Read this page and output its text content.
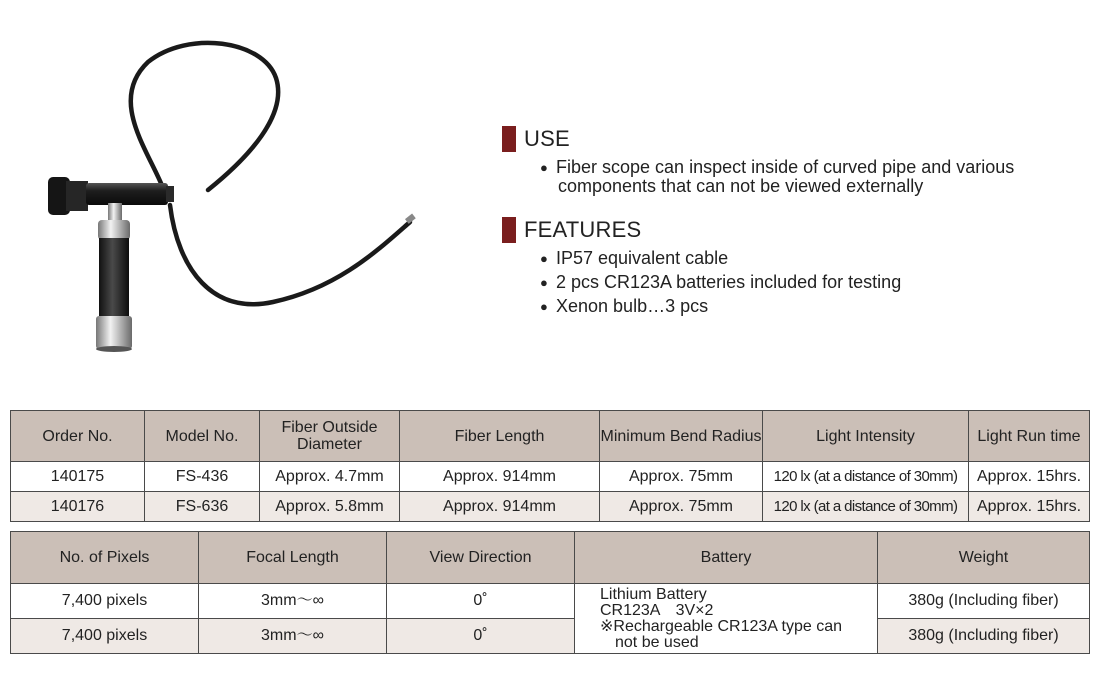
USE
● Fiber scope can inspect inside of curved pipe and various
components that can not be viewed externally
FEATURES
● IP57 equivalent cable
● 2 pcs CR123A batteries included for testing
● Xenon bulb…3 pcs
Order No.	Model No.	Fiber Outside Diameter	Fiber Length	Minimum Bend Radius	Light Intensity	Light Run time
140175	FS-436	Approx. 4.7mm	Approx. 914mm	Approx. 75mm	120 lx (at a distance of 30mm)	Approx. 15hrs.
140176	FS-636	Approx. 5.8mm	Approx. 914mm	Approx. 75mm	120 lx (at a distance of 30mm)	Approx. 15hrs.
No. of Pixels	Focal Length	View Direction	Battery	Weight
7,400 pixels	3mm～∞	0˚	Lithium Battery
CR123A　3V×2
※Rechargeable CR123A type can
not be used	380g (Including fiber)
7,400 pixels	3mm～∞	0˚		380g (Including fiber)
